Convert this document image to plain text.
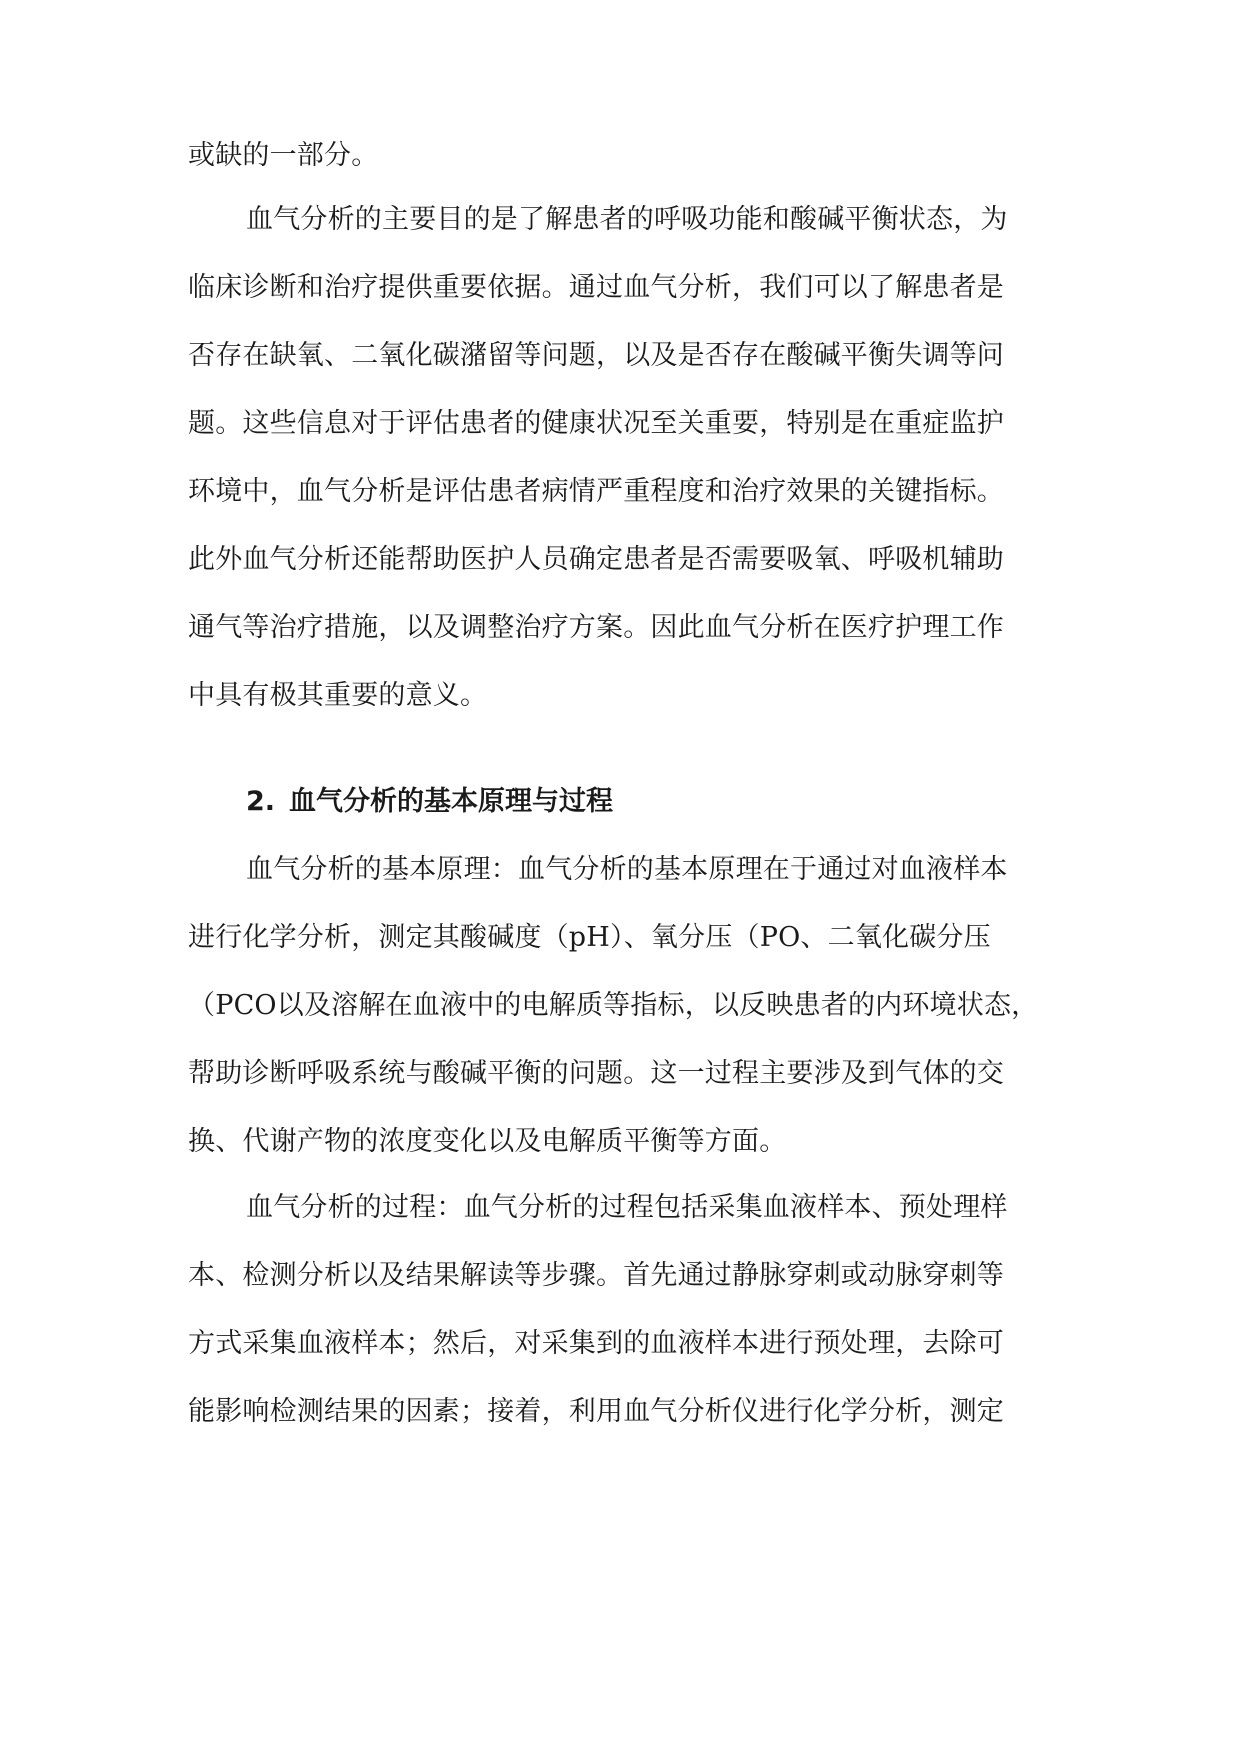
或缺的一部分。
血气分析的主要目的是了解患者的呼吸功能和酸碱平衡状态，为
临床诊断和治疗提供重要依据。通过血气分析，我们可以了解患者是
否存在缺氧、二氧化碳潴留等问题，以及是否存在酸碱平衡失调等问
题。这些信息对于评估患者的健康状况至关重要，特别是在重症监护
环境中，血气分析是评估患者病情严重程度和治疗效果的关键指标。
此外血气分析还能帮助医护人员确定患者是否需要吸氧、呼吸机辅助
通气等治疗措施，以及调整治疗方案。因此血气分析在医疗护理工作
中具有极其重要的意义。
2. 血气分析的基本原理与过程
血气分析的基本原理：血气分析的基本原理在于通过对血液样本
进行化学分析，测定其酸碱度（pH）、氧分压（PO、二氧化碳分压
（PCO以及溶解在血液中的电解质等指标，以反映患者的内环境状态，
帮助诊断呼吸系统与酸碱平衡的问题。这一过程主要涉及到气体的交
换、代谢产物的浓度变化以及电解质平衡等方面。
血气分析的过程：血气分析的过程包括采集血液样本、预处理样
本、检测分析以及结果解读等步骤。首先通过静脉穿刺或动脉穿刺等
方式采集血液样本；然后，对采集到的血液样本进行预处理，去除可
能影响检测结果的因素；接着，利用血气分析仪进行化学分析，测定
